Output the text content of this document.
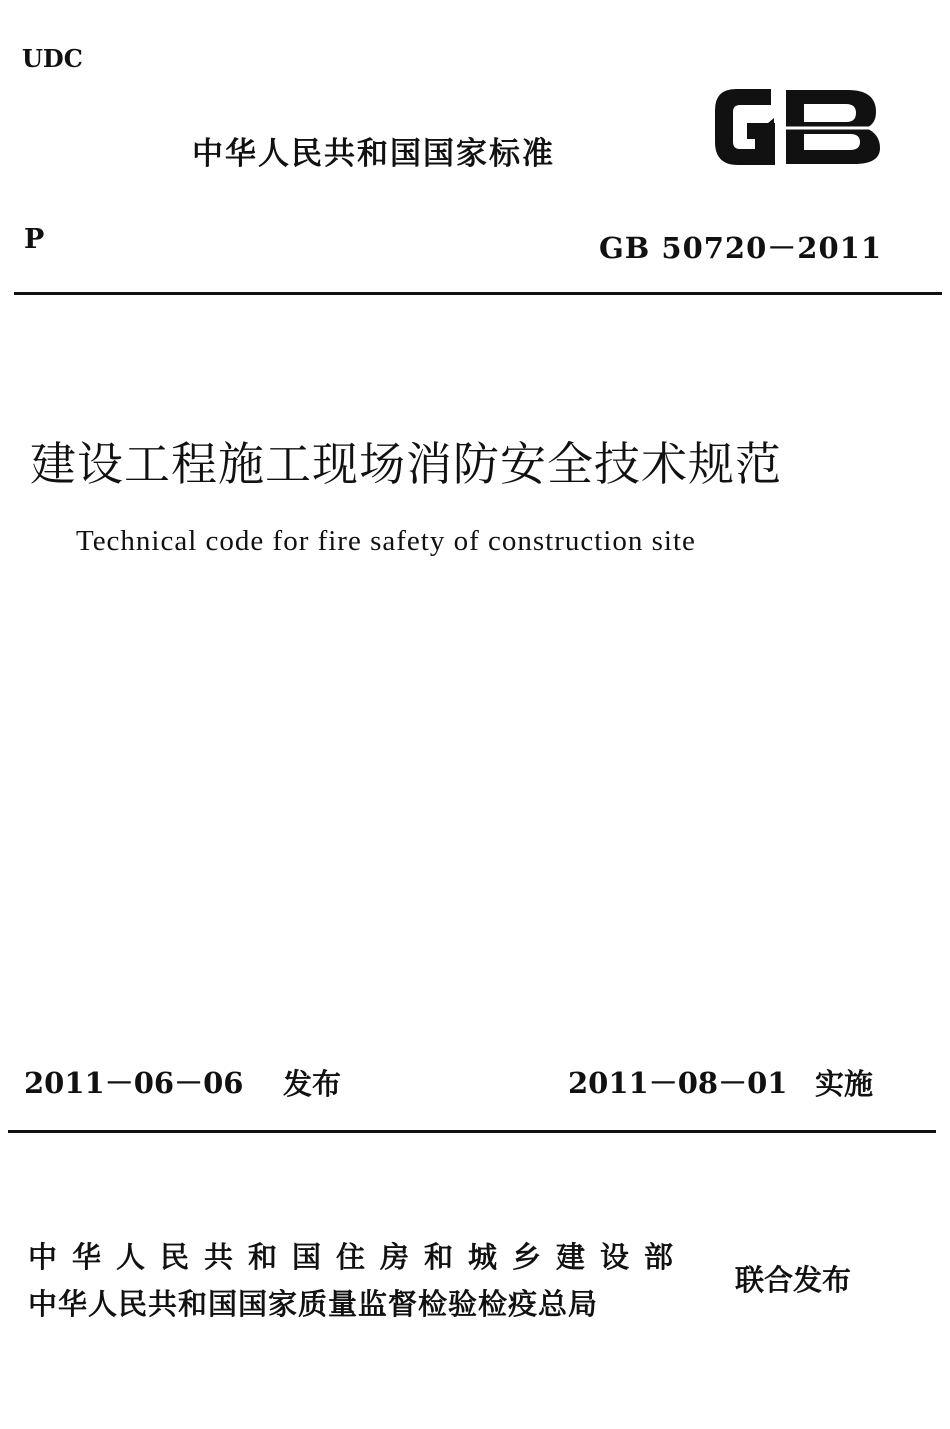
UDC
中华人民共和国国家标准
P	GB 50720－2011
建设工程施工现场消防安全技术规范
Technical code for fire safety of construction site
2011－06－06 发布	2011－08－01 实施
中华人民共和国住房和城乡建设部
中华人民共和国国家质量监督检验检疫总局
联合发布
